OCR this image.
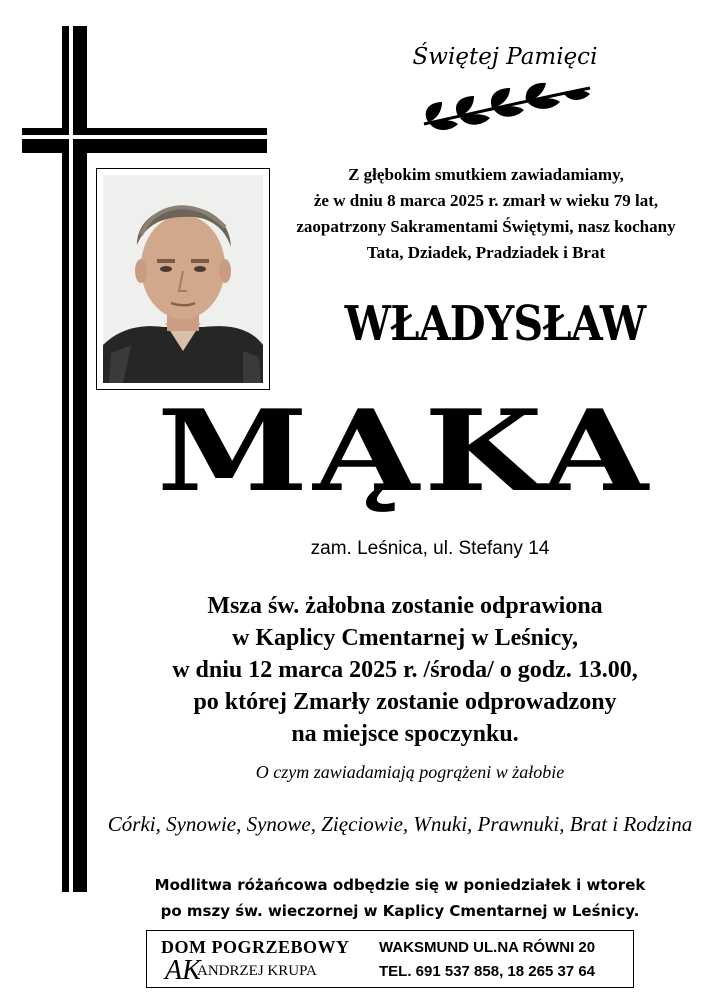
Świętej Pamięci
Z głębokim smutkiem zawiadamiamy,
że w dniu 8 marca 2025 r. zmarł w wieku 79 lat,
zaopatrzony Sakramentami Świętymi, nasz kochany
Tata, Dziadek, Pradziadek i Brat
WŁADYSŁAW
MĄKA
zam. Leśnica, ul. Stefany 14
Msza św. żałobna zostanie odprawiona
w Kaplicy Cmentarnej w Leśnicy,
w dniu 12 marca 2025 r. /środa/ o godz. 13.00,
po której Zmarły zostanie odprowadzony
na miejsce spoczynku.
O czym zawiadamiają pogrążeni w żałobie
Córki, Synowie, Synowe, Zięciowie, Wnuki, Prawnuki, Brat i Rodzina
Modlitwa różańcowa odbędzie się w poniedziałek i wtorek
po mszy św. wieczornej w Kaplicy Cmentarnej w Leśnicy.
DOM POGRZEBOWY
AK
ANDRZEJ KRUPA
WAKSMUND UL.NA RÓWNI 20
TEL. 691 537 858, 18 265 37 64
